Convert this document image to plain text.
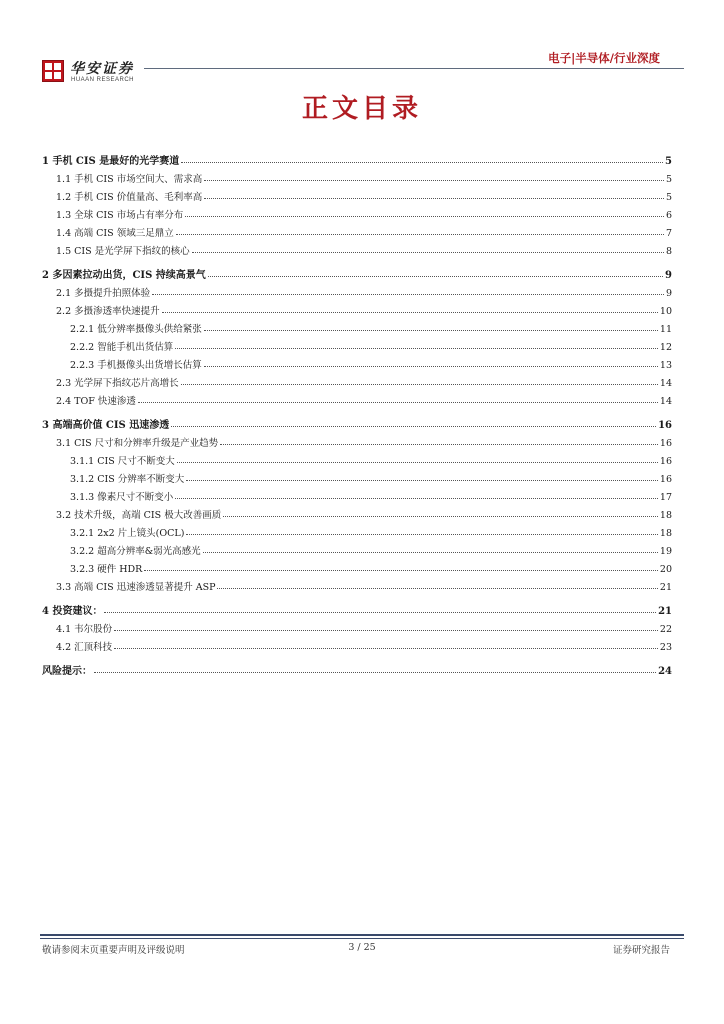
华安证券
HUAAN RESEARCH
电子|半导体/行业深度
正文目录
1 手机 CIS 是最好的光学赛道	5
1.1 手机 CIS 市场空间大、需求高	5
1.2 手机 CIS 价值量高、毛利率高	5
1.3 全球 CIS 市场占有率分布	6
1.4 高端 CIS 领域三足鼎立	7
1.5 CIS 是光学屏下指纹的核心	8
2 多因素拉动出货，CIS 持续高景气	9
2.1 多摄提升拍照体验	9
2.2 多摄渗透率快速提升	10
2.2.1 低分辨率摄像头供给紧张	11
2.2.2 智能手机出货估算	12
2.2.3 手机摄像头出货增长估算	13
2.3 光学屏下指纹芯片高增长	14
2.4 TOF 快速渗透	14
3 高端高价值 CIS 迅速渗透	16
3.1 CIS 尺寸和分辨率升级是产业趋势	16
3.1.1 CIS 尺寸不断变大	16
3.1.2 CIS 分辨率不断变大	16
3.1.3 像素尺寸不断变小	17
3.2 技术升级，高端 CIS 极大改善画质	18
3.2.1 2x2 片上镜头(OCL)	18
3.2.2 超高分辨率&弱光高感光	19
3.2.3 硬件 HDR	20
3.3 高端 CIS 迅速渗透显著提升 ASP	21
4 投资建议：	21
4.1 韦尔股份	22
4.2 汇顶科技	23
风险提示：	24
敬请参阅末页重要声明及评级说明	3 / 25	证券研究报告
